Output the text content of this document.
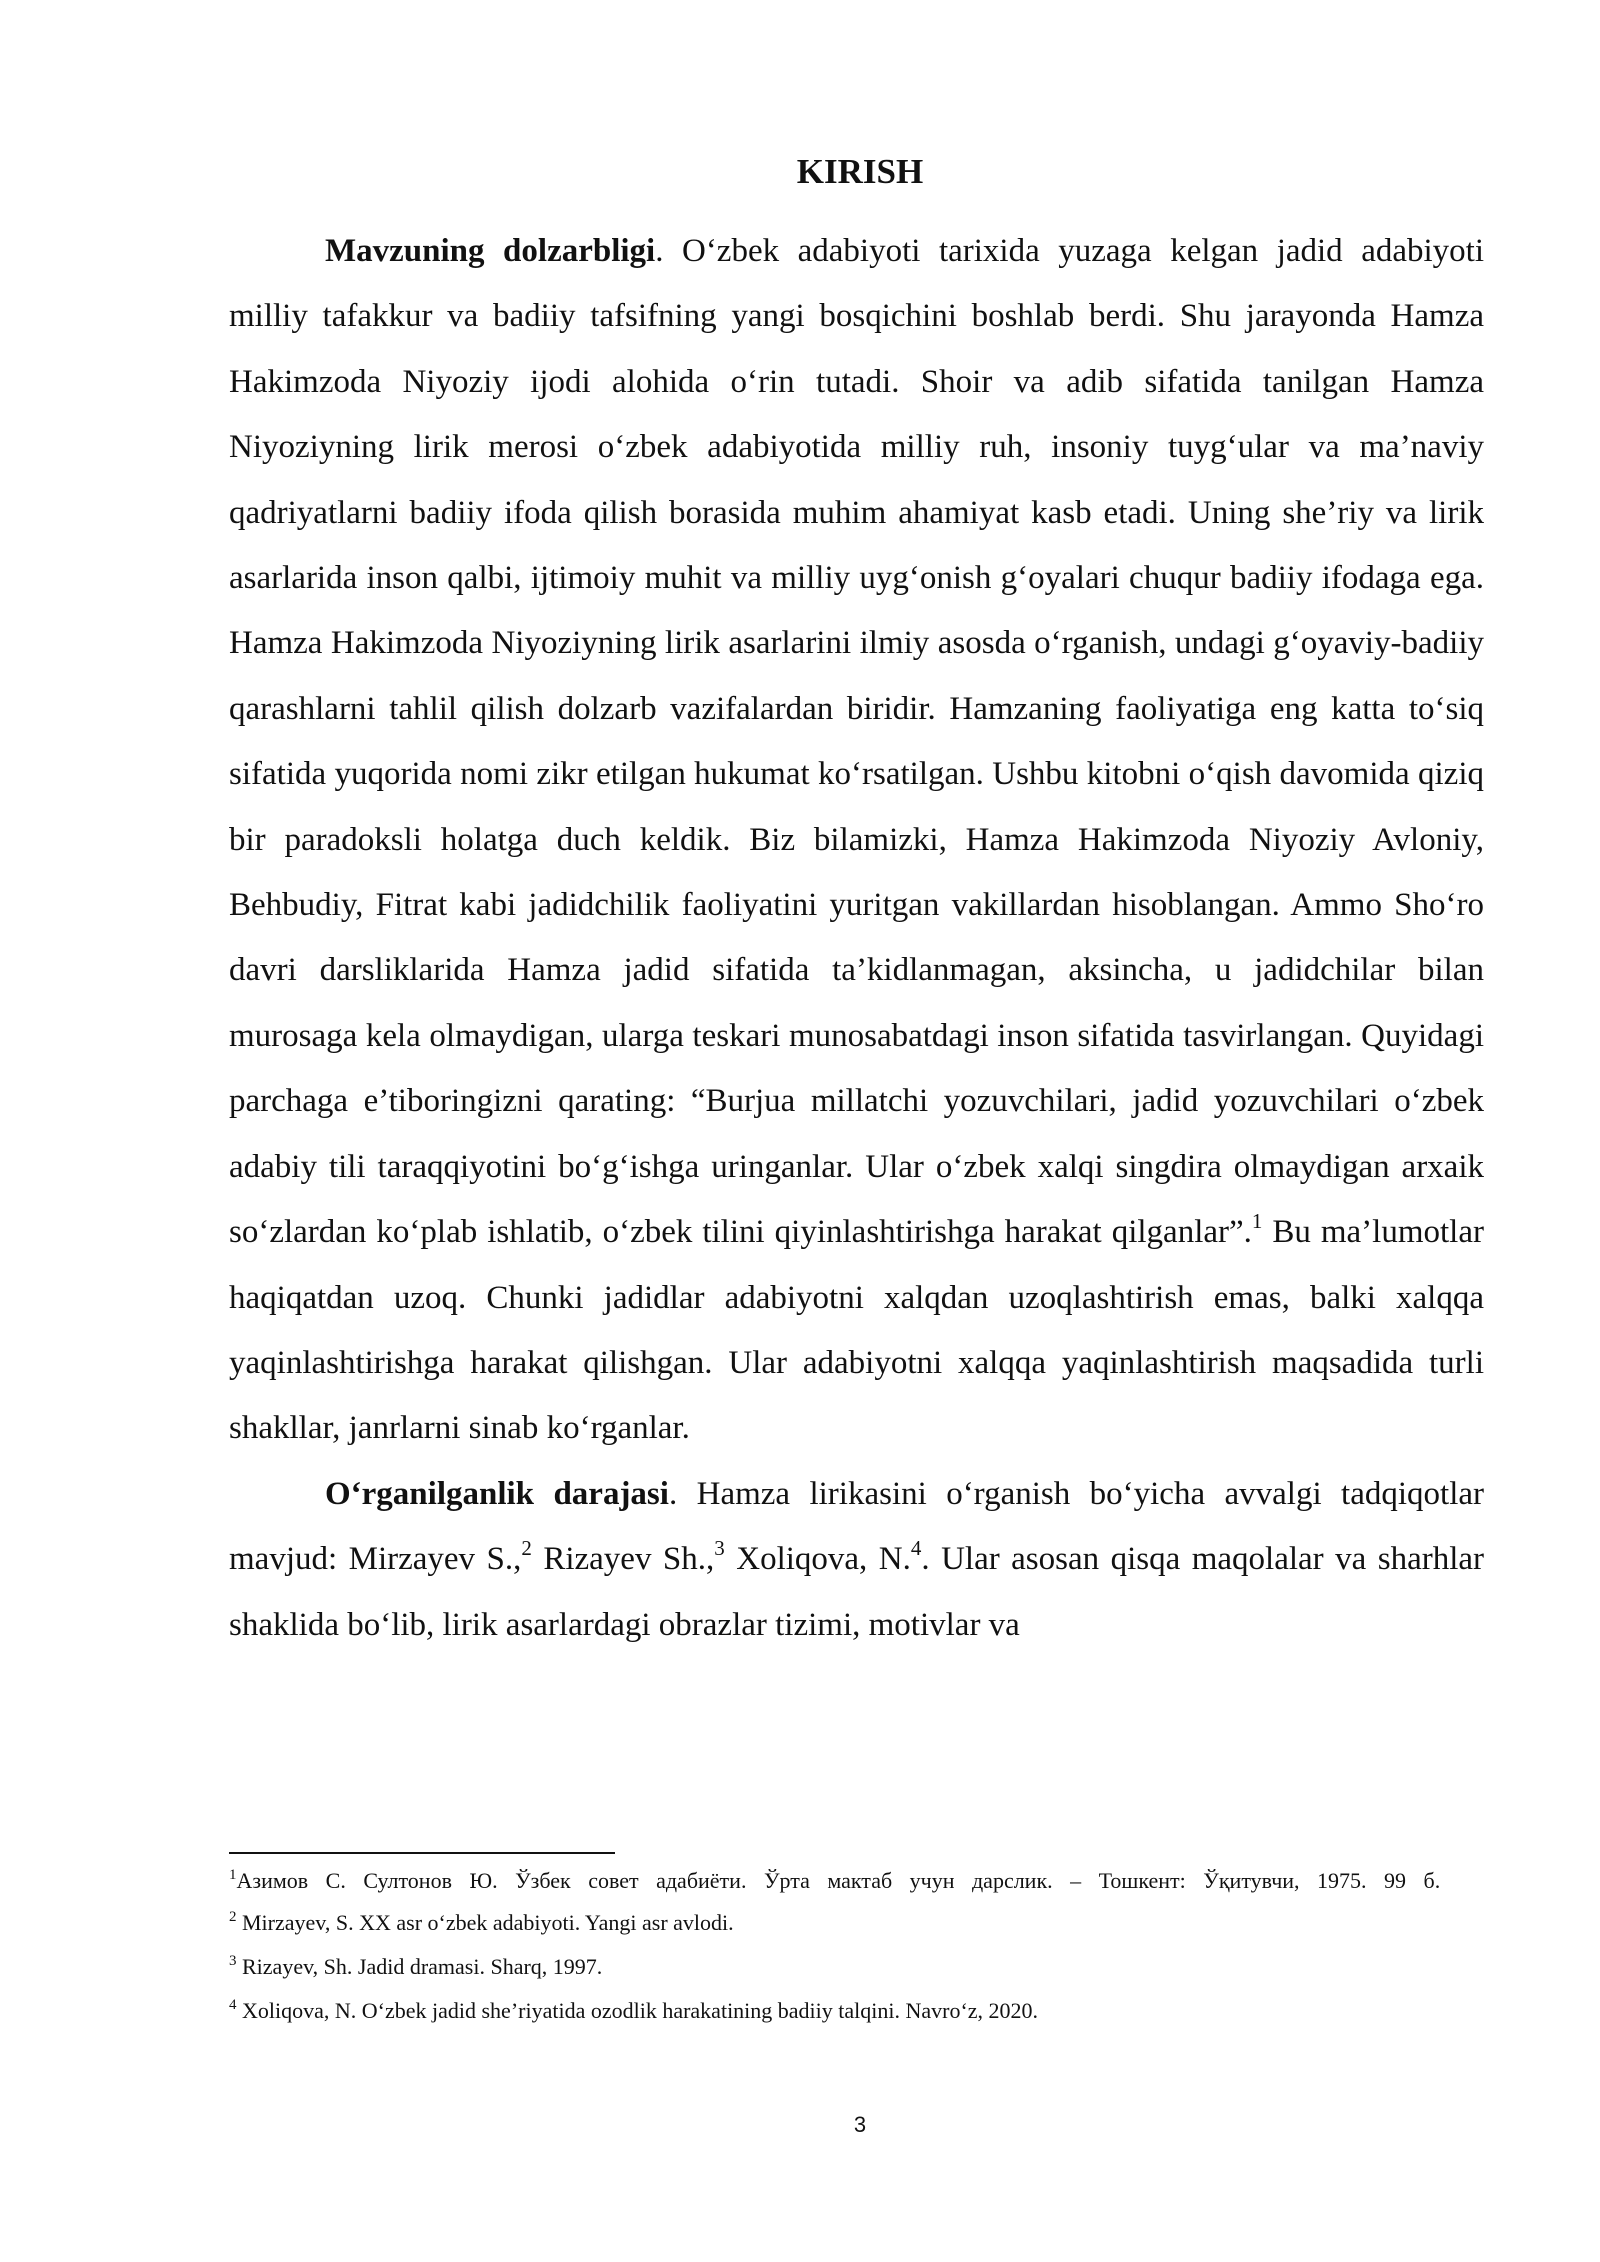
KIRISH

Mavzuning dolzarbligi. O‘zbek adabiyoti tarixida yuzaga kelgan jadid adabiyoti milliy tafakkur va badiiy tafsifning yangi bosqichini boshlab berdi. Shu jarayonda Hamza Hakimzoda Niyoziy ijodi alohida o‘rin tutadi. Shoir va adib sifatida tanilgan Hamza Niyoziyning lirik merosi o‘zbek adabiyotida milliy ruh, insoniy tuyg‘ular va ma’naviy qadriyatlarni badiiy ifoda qilish borasida muhim ahamiyat kasb etadi. Uning she’riy va lirik asarlarida inson qalbi, ijtimoiy muhit va milliy uyg‘onish g‘oyalari chuqur badiiy ifodaga ega. Hamza Hakimzoda Niyoziyning lirik asarlarini ilmiy asosda o‘rganish, undagi g‘oyaviy-badiiy qarashlarni tahlil qilish dolzarb vazifalardan biridir. Hamzaning faoliyatiga eng katta to‘siq sifatida yuqorida nomi zikr etilgan hukumat ko‘rsatilgan. Ushbu kitobni o‘qish davomida qiziq bir paradoksli holatga duch keldik. Biz bilamizki, Hamza Hakimzoda Niyoziy Avloniy, Behbudiy, Fitrat kabi jadidchilik faoliyatini yuritgan vakillardan hisoblangan. Ammo Sho‘ro davri darsliklarida Hamza jadid sifatida ta’kidlanmagan, aksincha, u jadidchilar bilan murosaga kela olmaydigan, ularga teskari munosabatdagi inson sifatida tasvirlangan. Quyidagi parchaga e’tiboringizni qarating: “Burjua millatchi yozuvchilari, jadid yozuvchilari o‘zbek adabiy tili taraqqiyotini bo‘g‘ishga uringanlar. Ular o‘zbek xalqi singdira olmaydigan arxaik so‘zlardan ko‘plab ishlatib, o‘zbek tilini qiyinlashtirishga harakat qilganlar”.$^1$ Bu ma’lumotlar haqiqatdan uzoq. Chunki jadidlar adabiyotni xalqdan uzoqlashtirish emas, balki xalqqa yaqinlashtirishga harakat qilishgan. Ular adabiyotni xalqqa yaqinlashtirish maqsadida turli shakllar, janrlarni sinab ko‘rganlar.

O‘rganilganlik darajasi. Hamza lirikasini o‘rganish bo‘yicha avvalgi tadqiqotlar mavjud: Mirzayev S.,$^2$ Rizayev Sh.,$^3$ Xoliqova, N.$^4$. Ular asosan qisqa maqolalar va sharhlar shaklida bo‘lib, lirik asarlardagi obrazlar tizimi, motivlar va

$^1$Азимов С. Султонов Ю. Ўзбек совет адабиёти. Ўрта мактаб учун дарслик. – Тошкент: Ўқитувчи, 1975. 99 б.

$^2$ Mirzayev, S. XX asr o‘zbek adabiyoti. Yangi asr avlodi.

$^3$ Rizayev, Sh. Jadid dramasi. Sharq, 1997.

$^4$ Xoliqova, N. O‘zbek jadid she’riyatida ozodlik harakatining badiiy talqini. Navro‘z, 2020.

3
